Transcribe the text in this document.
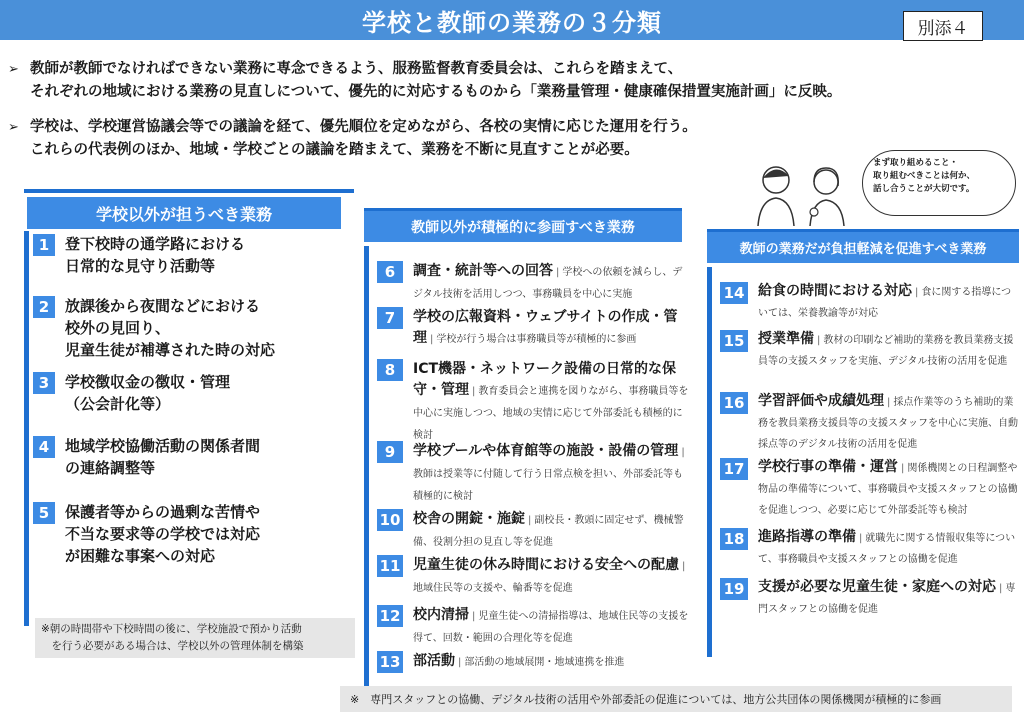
学校と教師の業務の３分類	別添４
➢ 教師が教師でなければできない業務に専念できるよう、服務監督教育委員会は、これらを踏まえて、
それぞれの地域における業務の見直しについて、優先的に対応するものから「業務量管理・健康確保措置実施計画」に反映。
➢ 学校は、学校運営協議会等での議論を経て、優先順位を定めながら、各校の実情に応じた運用を行う。
これらの代表例のほか、地域・学校ごとの議論を踏まえて、業務を不断に見直すことが必要。
まず取り組めること・
取り組むべきことは何か、
話し合うことが大切です。
学校以外が担うべき業務
1	登下校時の通学路における
日常的な見守り活動等
2	放課後から夜間などにおける
校外の見回り、
児童生徒が補導された時の対応
3	学校徴収金の徴収・管理
（公会計化等）
4	地域学校協働活動の関係者間
の連絡調整等
5	保護者等からの過剰な苦情や
不当な要求等の学校では対応
が困難な事案への対応
※朝の時間帯や下校時間の後に、学校施設で預かり活動
　を行う必要がある場合は、学校以外の管理体制を構築
教師以外が積極的に参画すべき業務
6	調査・統計等への回答 | 学校への依頼を減らし、デジタル技術を活用しつつ、事務職員を中心に実施
7	学校の広報資料・ウェブサイトの作成・管理 | 学校が行う場合は事務職員等が積極的に参画
8	ICT機器・ネットワーク設備の日常的な保守・管理 | 教育委員会と連携を図りながら、事務職員等を中心に実施しつつ、地域の実情に応じて外部委託も積極的に検討
9	学校プールや体育館等の施設・設備の管理 |教師は授業等に付随して行う日常点検を担い、外部委託等も積極的に検討
10 校舎の開錠・施錠 | 副校長・教頭に固定せず、機械警備、役割分担の見直し等を促進
11 児童生徒の休み時間における安全への配慮 |地域住民等の支援や、輪番等を促進
12 校内清掃 | 児童生徒への清掃指導は、地域住民等の支援を得て、回数・範囲の合理化等を促進
13 部活動 | 部活動の地域展開・地域連携を推進
教師の業務だが負担軽減を促進すべき業務
14 給食の時間における対応 | 食に関する指導については、栄養教諭等が対応
15 授業準備 | 教材の印刷など補助的業務を教員業務支援員等の支援スタッフを実施、デジタル技術の活用を促進
16 学習評価や成績処理 | 採点作業等のうち補助的業務を教員業務支援員等の支援スタッフを中心に実施、自動採点等のデジタル技術の活用を促進
17 学校行事の準備・運営 | 関係機関との日程調整や物品の準備等について、事務職員や支援スタッフとの協働を促進しつつ、必要に応じて外部委託等も検討
18 進路指導の準備 | 就職先に関する情報収集等について、事務職員や支援スタッフとの協働を促進
19 支援が必要な児童生徒・家庭への対応 | 専門スタッフとの協働を促進
※　専門スタッフとの協働、デジタル技術の活用や外部委託の促進については、地方公共団体の関係機関が積極的に参画
